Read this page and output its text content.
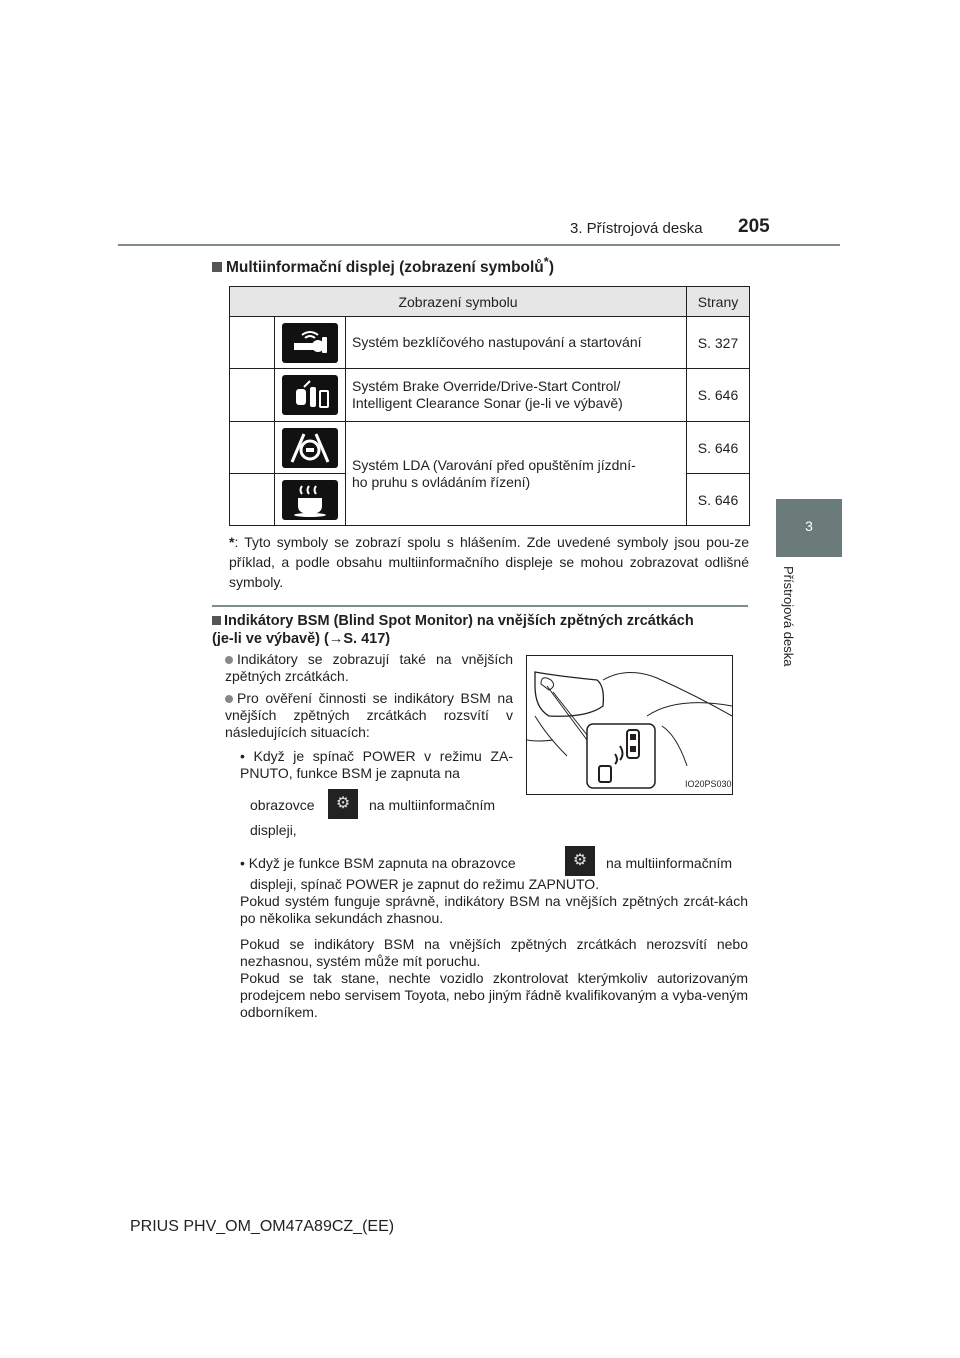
3. Přístrojová deska 205
3
Přístrojová deska
Multiinformační displej (zobrazení symbolů*)
Zobrazení symbolu			Strany
		Systém bezklíčového nastupování a startování	S. 327

Systém Brake Override/Drive-Start Control/
Intelligent Clearance Sonar (je-li ve výbavě)	S. 646

Systém LDA (Varování před opuštěním jízdní-
ho pruhu s ovládáním řízení)	S. 646
		S. 646
*: Tyto symboly se zobrazí spolu s hlášením. Zde uvedené symboly jsou pou-ze příklad, a podle obsahu multiinformačního displeje se mohou zobrazovat odlišné symboly.
Indikátory BSM (Blind Spot Monitor) na vnějších zpětných zrcátkách
(je-li ve výbavě) (→S. 417)
Indikátory se zobrazují také na vnějších zpětných zrcátkách.
Pro ověření činnosti se indikátory BSM na vnějších zpětných zrcátkách rozsvítí v následujících situacích:
• Když je spínač POWER v režimu ZA-PNUTO, funkce BSM je zapnuta na
obrazovce	⚙	na multiinformačním
displeji,
• Když je funkce BSM zapnuta na obrazovce	⚙	na multiinformačním
displeji, spínač POWER je zapnut do režimu ZAPNUTO.
Pokud systém funguje správně, indikátory BSM na vnějších zpětných zrcát-kách po několika sekundách zhasnou.
Pokud se indikátory BSM na vnějších zpětných zrcátkách nerozsvítí nebo nezhasnou, systém může mít poruchu.
Pokud se tak stane, nechte vozidlo zkontrolovat kterýmkoliv autorizovaným prodejcem nebo servisem Toyota, nebo jiným řádně kvalifikovaným a vyba-veným odborníkem.
IO20PS030
PRIUS PHV_OM_OM47A89CZ_(EE)
